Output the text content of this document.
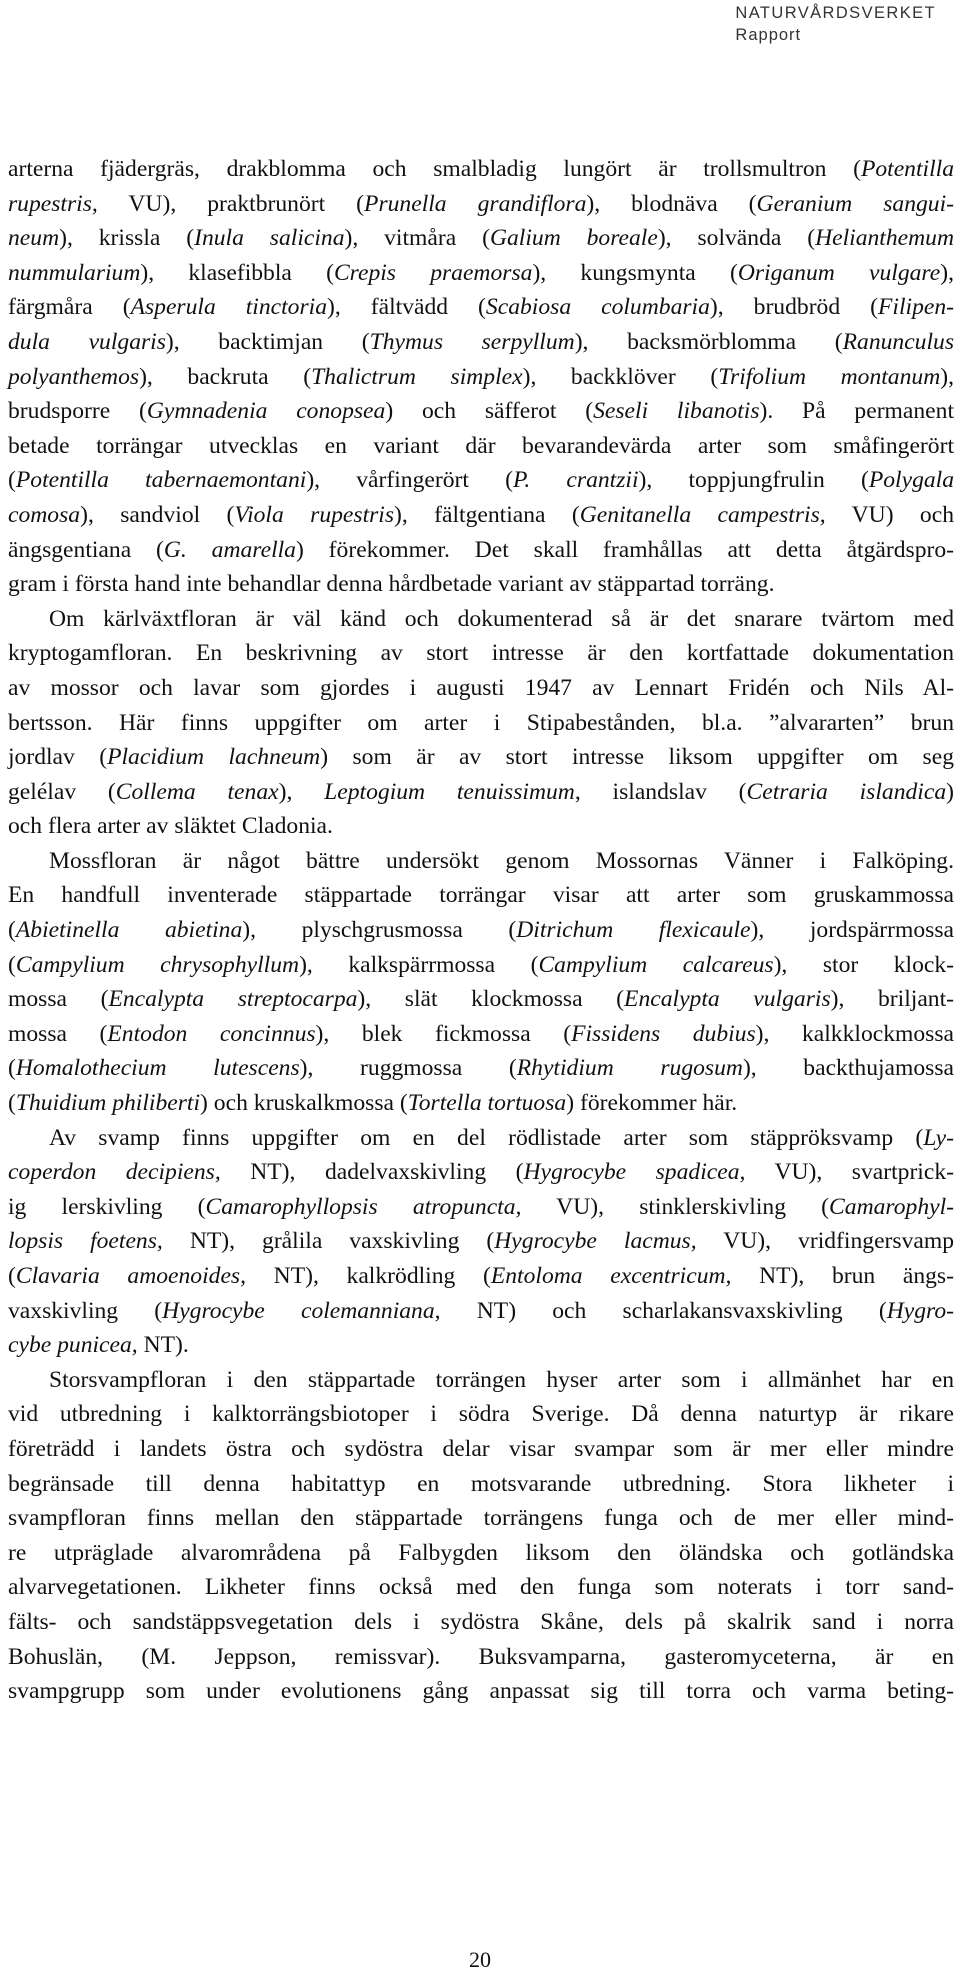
NATURVÅRDSVERKET
Rapport
arterna fjädergräs, drakblomma och smalbladig lungört är trollsmultron (Potentilla
rupestris, VU), praktbrunört (Prunella grandiflora), blodnäva (Geranium sangui-
neum), krissla (Inula salicina), vitmåra (Galium boreale), solvända (Helianthemum
nummularium), klasefibbla (Crepis praemorsa), kungsmynta (Origanum vulgare),
färgmåra (Asperula tinctoria), fältvädd (Scabiosa columbaria), brudbröd (Filipen-
dula vulgaris), backtimjan (Thymus serpyllum), backsmörblomma (Ranunculus
polyanthemos), backruta (Thalictrum simplex), backklöver (Trifolium montanum),
brudsporre (Gymnadenia conopsea) och säfferot (Seseli libanotis). På permanent
betade torrängar utvecklas en variant där bevarandevärda arter som småfingerört
(Potentilla tabernaemontani), vårfingerört (P. crantzii), toppjungfrulin (Polygala
comosa), sandviol (Viola rupestris), fältgentiana (Genitanella campestris, VU) och
ängsgentiana (G. amarella) förekommer. Det skall framhållas att detta åtgärdspro-
gram i första hand inte behandlar denna hårdbetade variant av stäppartad torräng.
Om kärlväxtfloran är väl känd och dokumenterad så är det snarare tvärtom med
kryptogamfloran. En beskrivning av stort intresse är den kortfattade dokumentation
av mossor och lavar som gjordes i augusti 1947 av Lennart Fridén och Nils Al-
bertsson. Här finns uppgifter om arter i Stipabestånden, bl.a. ”alvararten” brun
jordlav (Placidium lachneum) som är av stort intresse liksom uppgifter om seg
gelélav (Collema tenax), Leptogium tenuissimum, islandslav (Cetraria islandica)
och flera arter av släktet Cladonia.
Mossfloran är något bättre undersökt genom Mossornas Vänner i Falköping.
En handfull inventerade stäppartade torrängar visar att arter som gruskammossa
(Abietinella abietina), plyschgrusmossa (Ditrichum flexicaule), jordspärrmossa
(Campylium chrysophyllum), kalkspärrmossa (Campylium calcareus), stor klock-
mossa (Encalypta streptocarpa), slät klockmossa (Encalypta vulgaris), briljant-
mossa (Entodon concinnus), blek fickmossa (Fissidens dubius), kalkklockmossa
(Homalothecium lutescens), ruggmossa (Rhytidium rugosum), backthujamossa
(Thuidium philiberti) och kruskalkmossa (Tortella tortuosa) förekommer här.
Av svamp finns uppgifter om en del rödlistade arter som stäppröksvamp (Ly-
coperdon decipiens, NT), dadelvaxskivling (Hygrocybe spadicea, VU), svartprick-
ig lerskivling (Camarophyllopsis atropuncta, VU), stinklerskivling (Camarophyl-
lopsis foetens, NT), grålila vaxskivling (Hygrocybe lacmus, VU), vridfingersvamp
(Clavaria amoenoides, NT), kalkrödling (Entoloma excentricum, NT), brun ängs-
vaxskivling (Hygrocybe colemanniana, NT) och scharlakansvaxskivling (Hygro-
cybe punicea, NT).
Storsvampfloran i den stäppartade torrängen hyser arter som i allmänhet har en
vid utbredning i kalktorrängsbiotoper i södra Sverige. Då denna naturtyp är rikare
företrädd i landets östra och sydöstra delar visar svampar som är mer eller mindre
begränsade till denna habitattyp en motsvarande utbredning. Stora likheter i
svampfloran finns mellan den stäppartade torrängens funga och de mer eller mind-
re utpräglade alvarområdena på Falbygden liksom den öländska och gotländska
alvarvegetationen. Likheter finns också med den funga som noterats i torr sand-
fälts- och sandstäppsvegetation dels i sydöstra Skåne, dels på skalrik sand i norra
Bohuslän, (M. Jeppson, remissvar). Buksvamparna, gasteromyceterna, är en
svampgrupp som under evolutionens gång anpassat sig till torra och varma beting-
20
